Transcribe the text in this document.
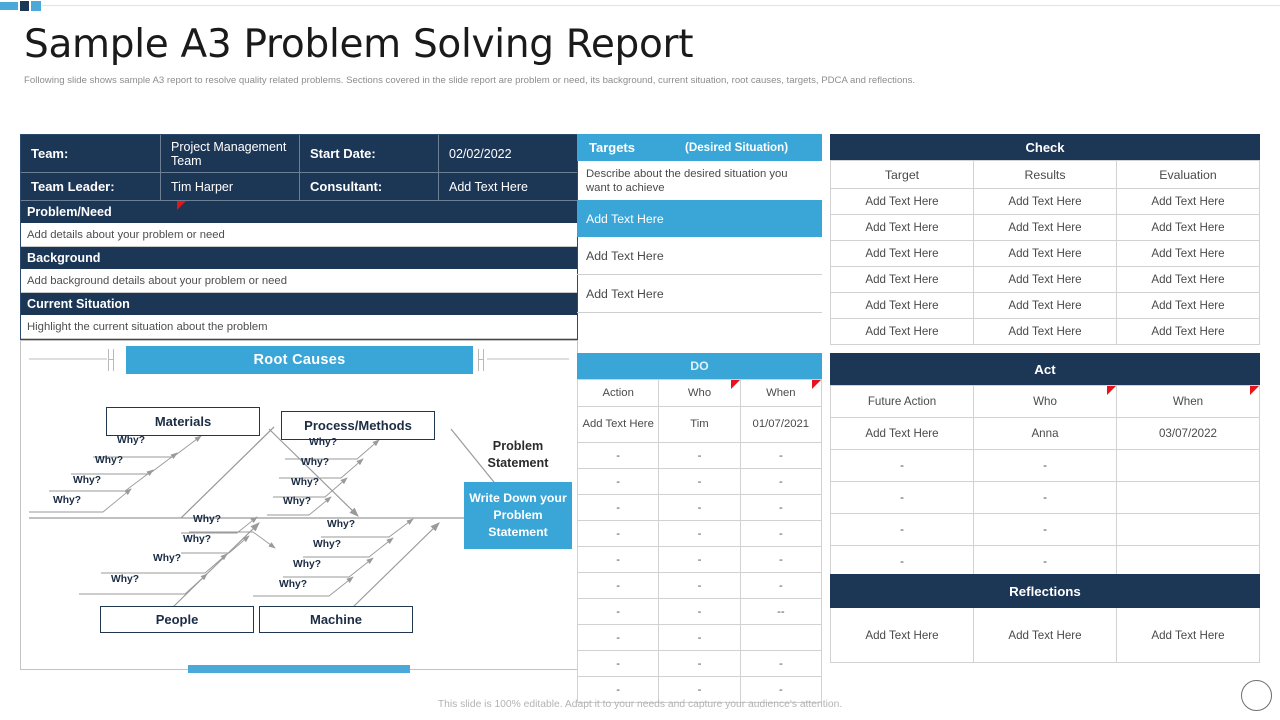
Sample A3 Problem Solving Report
Following slide shows sample A3 report to resolve quality related problems. Sections covered in the slide report are problem or need, its background, current situation, root causes, targets, PDCA and reflections.
Team:	Project Management Team	Start Date:	02/02/2022
Team Leader:	Tim Harper	Consultant:	Add Text Here
Problem/Need
Add details about your problem or need
Background
Add background details about your problem or need
Current Situation
Highlight the current situation about the problem
Root Causes
Materials	Process/Methods
People	Machine
Why?
Why?
Why?
Why?
Why?
Why?
Why?
Why?
Why?
Why?
Why?
Why?
Why?
Why?
Why?
Why?
Problem Statement
Write Down your Problem Statement
Targets	(Desired Situation)
Describe about the desired situation you want to achieve
Add Text Here
Add Text Here
Add Text Here
DO
Action	Who	When

Add Text Here	Tim	01/07/2021
-	-	-
-	-	-
-	-	-
-	-	-
-	-	-
-	-	-
-	-	--
-	-	
-	-	-
-	-	-
Check
Target	Results	Evaluation
Add Text Here	Add Text Here	Add Text Here
Add Text Here	Add Text Here	Add Text Here
Add Text Here	Add Text Here	Add Text Here
Add Text Here	Add Text Here	Add Text Here
Add Text Here	Add Text Here	Add Text Here
Add Text Here	Add Text Here	Add Text Here
Act
Future Action	Who	When

Add Text Here	Anna	03/07/2022
-	-	
-	-	
-	-	
-	-	
Reflections
Add Text Here	Add Text Here	Add Text Here
This slide is 100% editable. Adapt it to your needs and capture your audience's attention.
